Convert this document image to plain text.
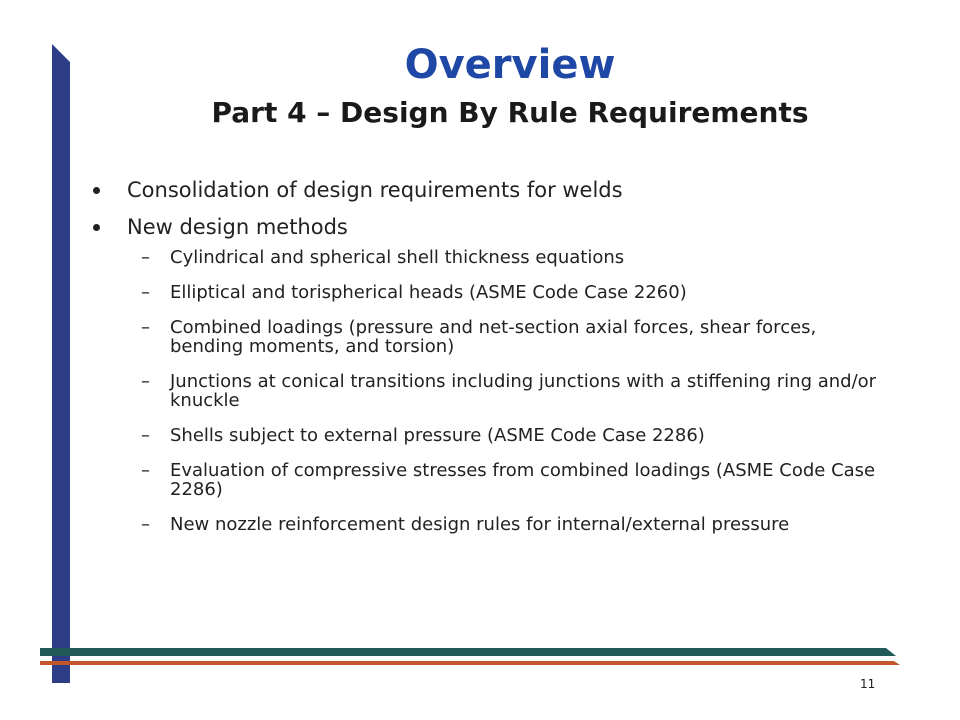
Overview
Part 4 – Design By Rule Requirements
Consolidation of design requirements for welds
New design methods
– Cylindrical and spherical shell thickness equations
– Elliptical and torispherical heads (ASME Code Case 2260)
– Combined loadings (pressure and net-section axial forces, shear forces, bending moments, and torsion)
– Junctions at conical transitions including junctions with a stiffening ring and/or knuckle
– Shells subject to external pressure (ASME Code Case 2286)
– Evaluation of compressive stresses from combined loadings (ASME Code Case 2286)
– New nozzle reinforcement design rules for internal/external pressure
11
